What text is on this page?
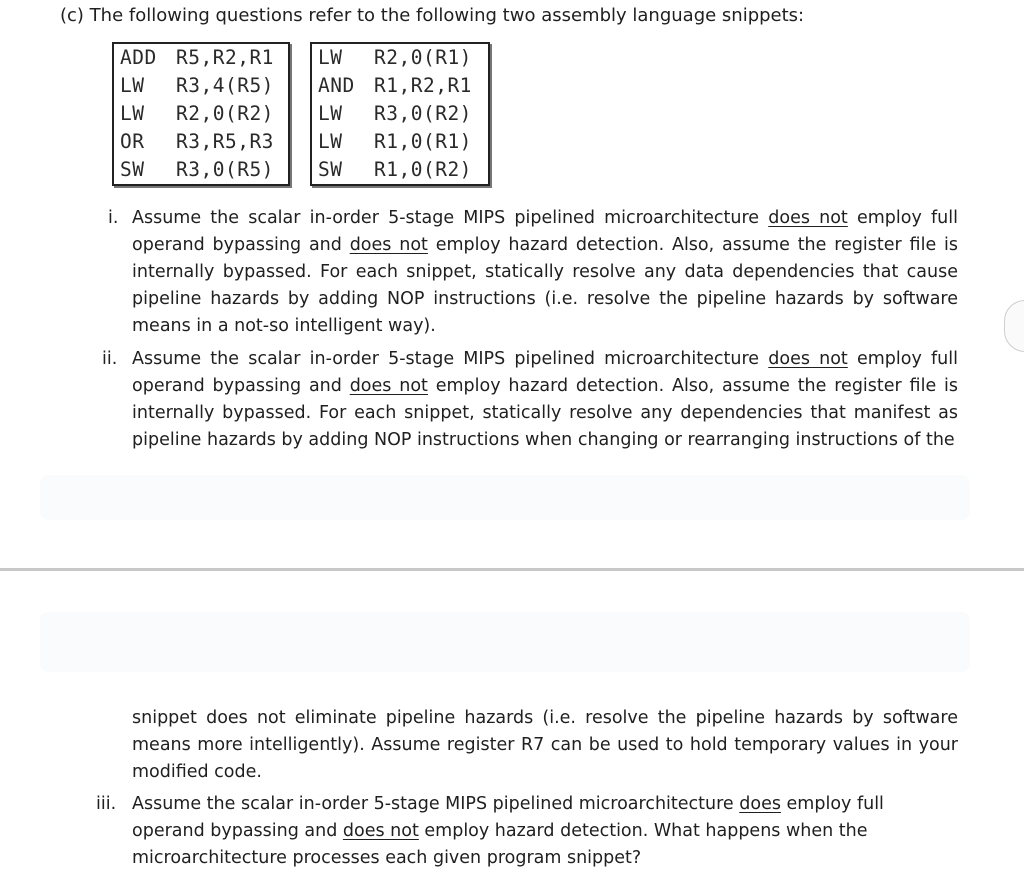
(c) The following questions refer to the following two assembly language snippets:
ADD R5,R2,R1
LW	R3,4(R5)
LW	R2,0(R2)
OR	R3,R5,R3
SW	R3,0(R5)
LW	R2,0(R1)
AND R1,R2,R1
LW	R3,0(R2)
LW	R1,0(R1)
SW	R1,0(R2)
i. Assume the scalar in-order 5-stage MIPS pipelined microarchitecture does not employ full operand bypassing and does not employ hazard detection. Also, assume the register file is internally bypassed. For each snippet, statically resolve any data dependencies that cause pipeline hazards by adding NOP instructions (i.e. resolve the pipeline hazards by software means in a not-so intelligent way).
ii. Assume the scalar in-order 5-stage MIPS pipelined microarchitecture does not employ full operand bypassing and does not employ hazard detection. Also, assume the register file is internally bypassed. For each snippet, statically resolve any dependencies that manifest as pipeline hazards by adding NOP instructions when changing or rearranging instructions of the
snippet does not eliminate pipeline hazards (i.e. resolve the pipeline hazards by software means more intelligently). Assume register R7 can be used to hold temporary values in your modified code.
iii. Assume the scalar in-order 5-stage MIPS pipelined microarchitecture does employ full operand bypassing and does not employ hazard detection. What happens when the microarchitecture processes each given program snippet?
